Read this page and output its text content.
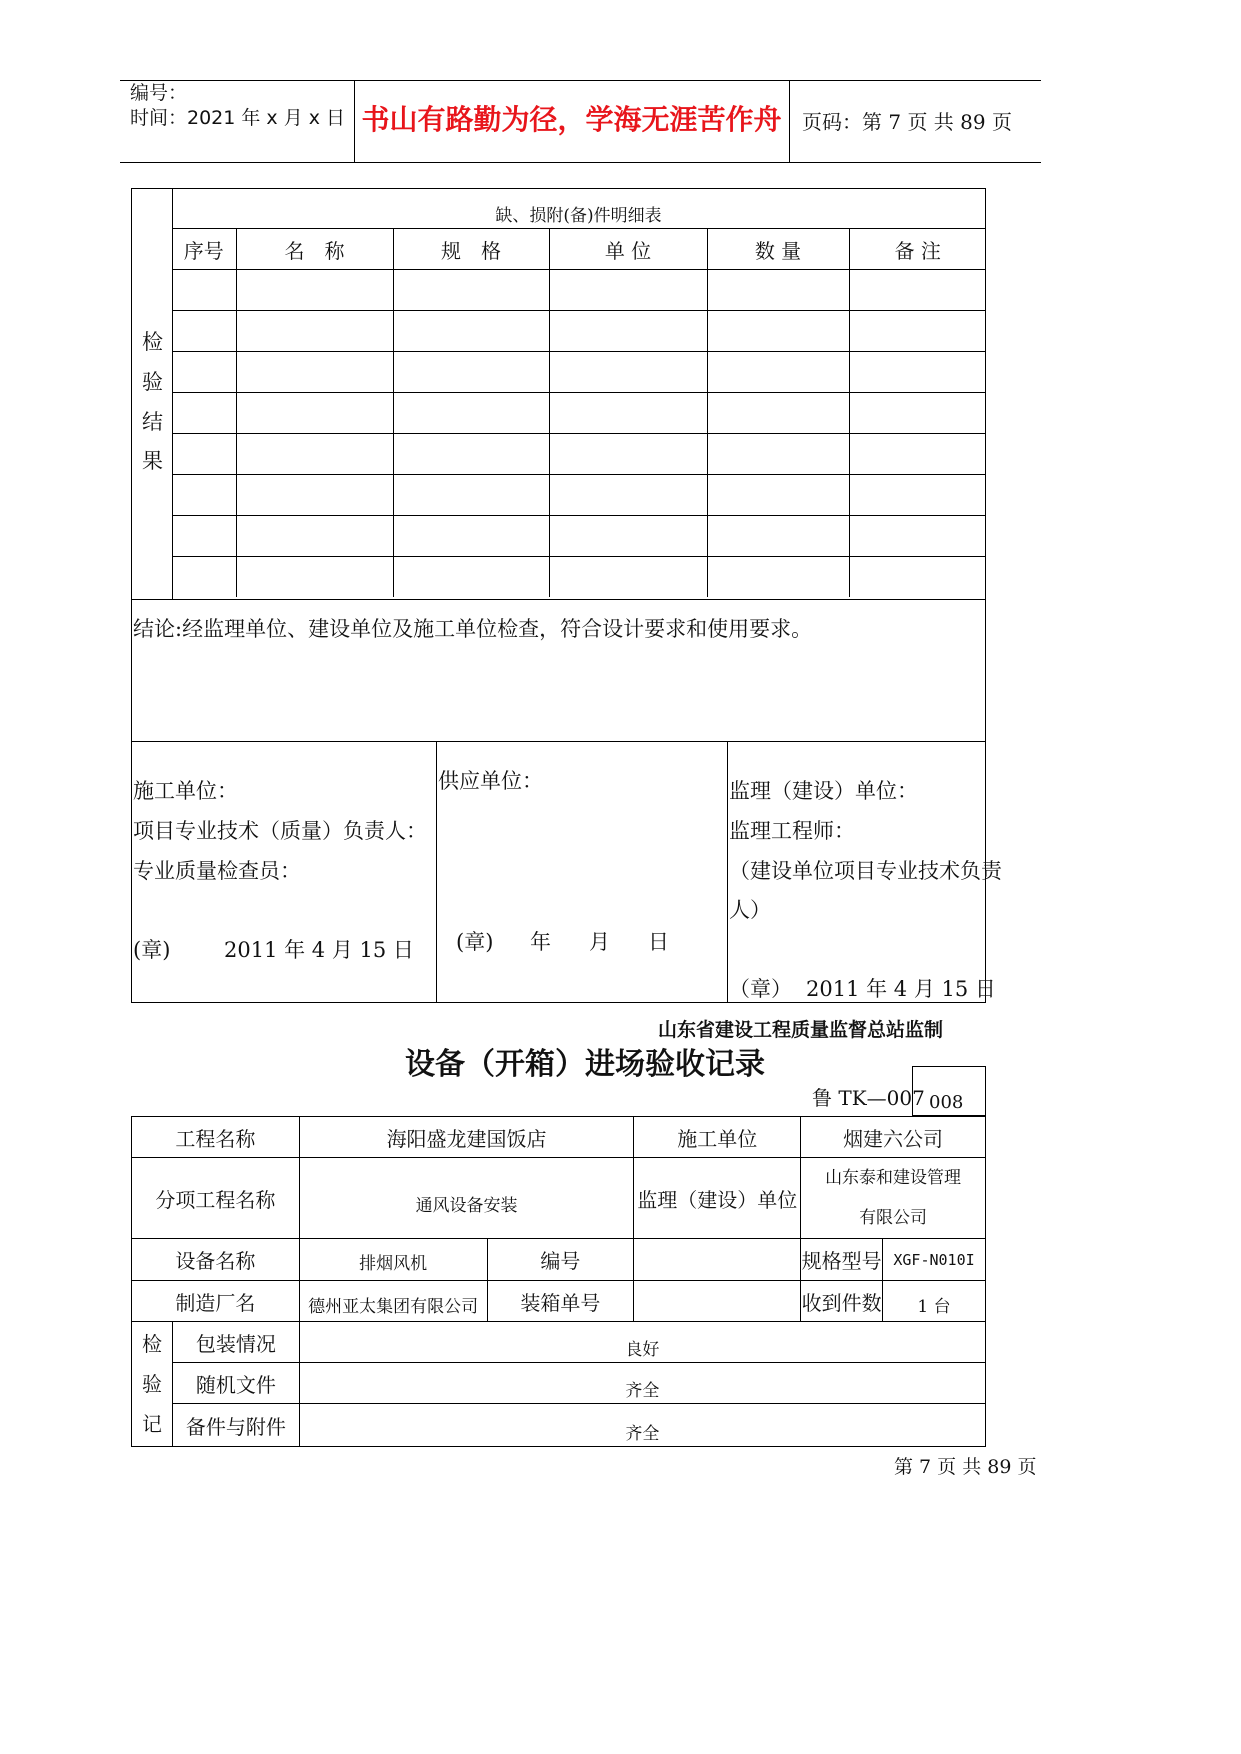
编号：
时间：2021 年 x 月 x 日 书山有路勤为径，学海无涯苦作舟	页码：第 7 页 共 89 页
检
验
结
果
缺、损附(备)件明细表
序号	名　称	规　格	单 位	数 量	备 注

结论:经监理单位、建设单位及施工单位检查，符合设计要求和使用要求。
施工单位：
项目专业技术（质量）负责人：
专业质量检查员：
(章)	2011 年 4 月 15 日
供应单位：
(章) 年 月 日
监理（建设）单位：
监理工程师：
（建设单位项目专业技术负责
人）
（章） 2011 年 4 月 15 日
山东省建设工程质量监督总站监制
设备（开箱）进场验收记录
鲁 TK—007 008
工程名称		海阳盛龙建国饭店		施工单位	烟建六公司	
分项工程名称		通风设备安装		监理（建设）单位	山东泰和建设管理
有限公司	

设备名称		排烟风机	编号		规格型号	XGF-N010I
制造厂名		德州亚太集团有限公司	装箱单号		收到件数	1 台

检
验
记	包装情况	良好				
	随机文件	齐全				
	备件与附件	齐全				
第 7 页 共 89 页
